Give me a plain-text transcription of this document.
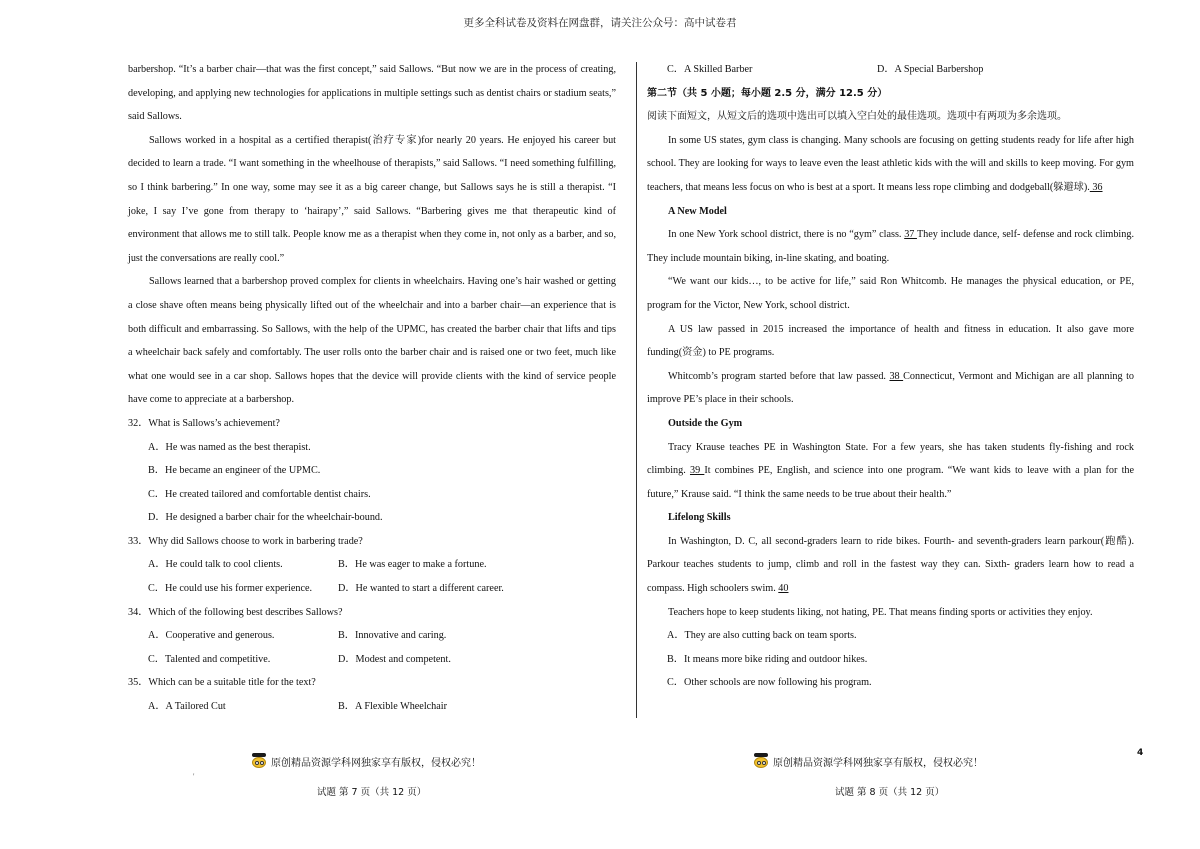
更多全科试卷及资料在网盘群，请关注公众号：高中试卷君

barbershop. “It’s a barber chair—that was the first concept,” said Sallows. “But now we are in the process of creating, developing, and applying new technologies for applications in multiple settings such as dentist chairs or stadium seats,” said Sallows.

Sallows worked in a hospital as a certified therapist(治疗专家)for nearly 20 years. He enjoyed his career but decided to learn a trade. “I want something in the wheelhouse of therapists,” said Sallows. “I need something fulfilling, so I think barbering.” In one way, some may see it as a big career change, but Sallows says he is still a therapist. “I joke, I say I’ve gone from therapy to ‘hairapy’,” said Sallows. “Barbering gives me that therapeutic kind of environment that allows me to still talk. People know me as a therapist when they come in, not only as a barber, and so, just the conversations are really cool.”

Sallows learned that a barbershop proved complex for clients in wheelchairs. Having one’s hair washed or getting a close shave often means being physically lifted out of the wheelchair and into a barber chair—an experience that is both difficult and embarrassing. So Sallows, with the help of the UPMC, has created the barber chair that lifts and tips a wheelchair back safely and comfortably. The user rolls onto the barber chair and is raised one or two feet, much like what one would see in a car shop. Sallows hopes that the device will provide clients with the kind of service people have come to appreciate at a barbershop.

32．What is Sallows’s achievement?

A．He was named as the best therapist.

B．He became an engineer of the UPMC.

C．He created tailored and comfortable dentist chairs.

D．He designed a barber chair for the wheelchair-bound.

33．Why did Sallows choose to work in barbering trade?

A．He could talk to cool clients.	B．He was eager to make a fortune.
C．He could use his former experience.	D．He wanted to start a different career.

34．Which of the following best describes Sallows?

A．Cooperative and generous.	B．Innovative and caring.
C．Talented and competitive.	D．Modest and competent.

35．Which can be a suitable title for the text?

A．A Tailored Cut	B．A Flexible Wheelchair
C．A Skilled Barber	D．A Special Barbershop

第二节（共 5 小题；每小题 2.5 分，满分 12.5 分）

阅读下面短文，从短文后的选项中选出可以填入空白处的最佳选项。选项中有两项为多余选项。

In some US states, gym class is changing. Many schools are focusing on getting students ready for life after high school. They are looking for ways to leave even the least athletic kids with the will and skills to keep moving. For gym teachers, that means less focus on who is best at a sport. It means less rope climbing and dodgeball(躲避球). 36

A New Model

In one New York school district, there is no “gym” class. 37 They include dance, self- defense and rock climbing. They include mountain biking, in-line skating, and boating.

“We want our kids…, to be active for life,” said Ron Whitcomb. He manages the physical education, or PE, program for the Victor, New York, school district.

A US law passed in 2015 increased the importance of health and fitness in education. It also gave more funding(资金) to PE programs.

Whitcomb’s program started before that law passed. 38 Connecticut, Vermont and Michigan are all planning to improve PE’s place in their schools.

Outside the Gym

Tracy Krause teaches PE in Washington State. For a few years, she has taken students fly-fishing and rock climbing. 39 It combines PE, English, and science into one program. “We want kids to leave with a plan for the future,” Krause said. “I think the same needs to be true about their health.”

Lifelong Skills

In Washington, D. C, all second-graders learn to ride bikes. Fourth- and seventh-graders learn parkour(跑酷). Parkour teaches students to jump, climb and roll in the fastest way they can. Sixth- graders learn how to read a compass. High schoolers swim. 40

Teachers hope to keep students liking, not hating, PE. That means finding sports or activities they enjoy.

A．They are also cutting back on team sports.

B．It means more bike riding and outdoor hikes.

C．Other schools are now following his program.

原创精品资源学科网独家享有版权，侵权必究！	原创精品资源学科网独家享有版权，侵权必究！
'
4
试题 第 7 页（共 12 页）	试题 第 8 页（共 12 页）
